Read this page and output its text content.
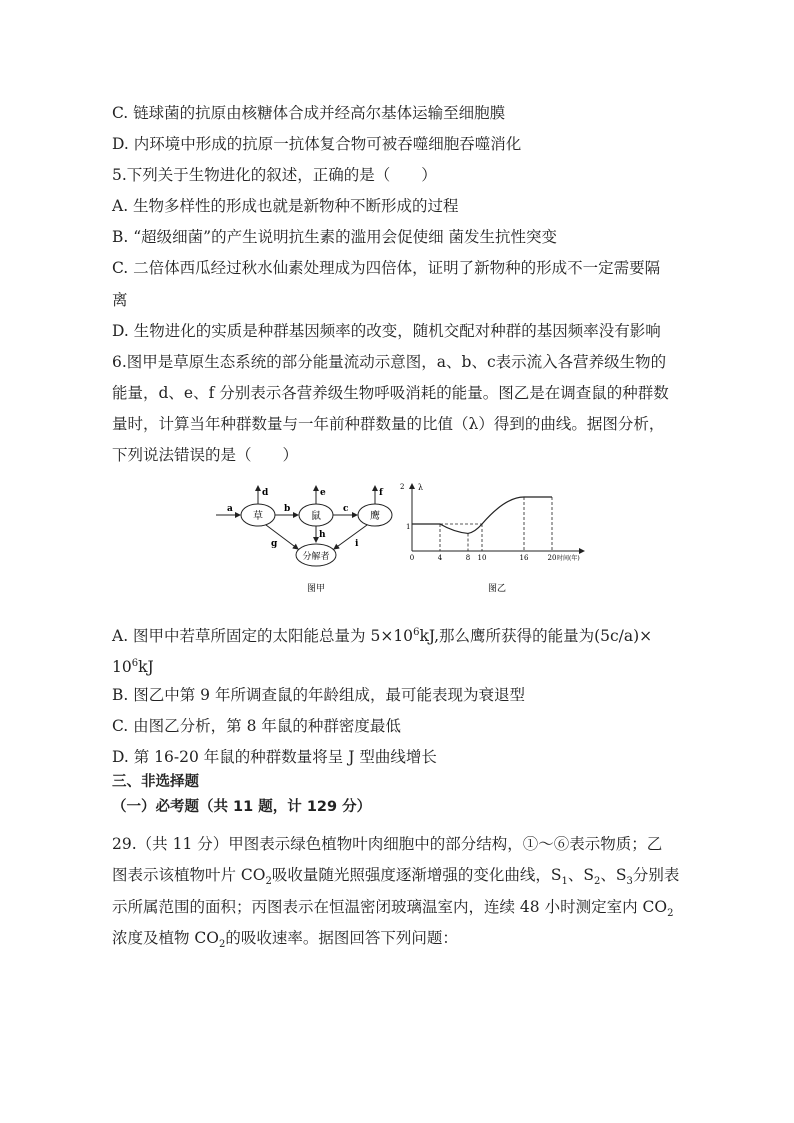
C. 链球菌的抗原由核糖体合成并经高尔基体运输至细胞膜
D. 内环境中形成的抗原一抗体复合物可被吞噬细胞吞噬消化
5.下列关于生物进化的叙述，正确的是（　　）
A. 生物多样性的形成也就是新物种不断形成的过程
B. “超级细菌”的产生说明抗生素的滥用会促使细 菌发生抗性突变
C. 二倍体西瓜经过秋水仙素处理成为四倍体，证明了新物种的形成不一定需要隔
离
D. 生物进化的实质是种群基因频率的改变，随机交配对种群的基因频率没有影响
6.图甲是草原生态系统的部分能量流动示意图，a、b、c表示流入各营养级生物的
能量，d、e、f 分别表示各营养级生物呼吸消耗的能量。图乙是在调查鼠的种群数
量时，计算当年种群数量与一年前种群数量的比值（λ）得到的曲线。据图分析，
下列说法错误的是（　　）
草	鼠	鹰
分解者
a	b	c
d	e	f
g
h
i
图甲
λ
2
1
0	4	8 10	16	20 时间(年)
图乙
A. 图甲中若草所固定的太阳能总量为 $5\times 10^6kJ$,那么鹰所获得的能量为(5c/a)×
$10^6kJ$
B. 图乙中第 9 年所调查鼠的年龄组成，最可能表现为衰退型
C. 由图乙分析，第 8 年鼠的种群密度最低
D. 第 16-20 年鼠的种群数量将呈 J 型曲线增长
三、非选择题
（一）必考题（共 11 题，计 129 分）
29.（共 11 分）甲图表示绿色植物叶肉细胞中的部分结构，①～⑥表示物质；乙
图表示该植物叶片 $CO_2$吸收量随光照强度逐渐增强的变化曲线，$S_1$、$S_2$、$S_3$分别表
示所属范围的面积；丙图表示在恒温密闭玻璃温室内，连续 48 小时测定室内 $CO_2$
浓度及植物 $CO_2$的吸收速率。据图回答下列问题：
